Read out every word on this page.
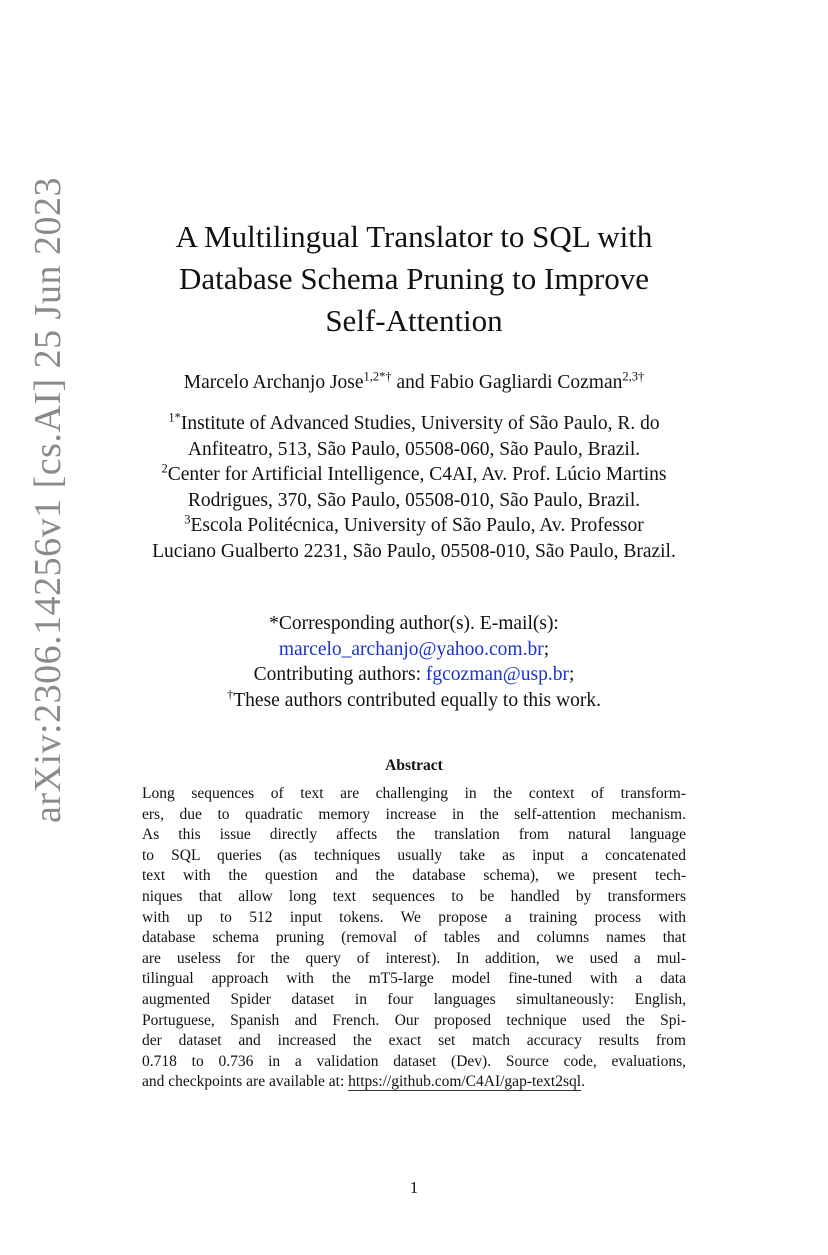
arXiv:2306.14256v1 [cs.AI] 25 Jun 2023	A Multilingual Translator to SQL with
Database Schema Pruning to Improve
Self-Attention
Marcelo Archanjo Jose$^{1,2*\dagger}$ and Fabio Gagliardi Cozman$^{2,3\dagger}$
$^{1*}$Institute of Advanced Studies, University of São Paulo, R. do
Anfiteatro, 513, São Paulo, 05508-060, São Paulo, Brazil.
$^2$Center for Artificial Intelligence, C4AI, Av. Prof. Lúcio Martins
Rodrigues, 370, São Paulo, 05508-010, São Paulo, Brazil.
$^3$Escola Politécnica, University of São Paulo, Av. Professor
Luciano Gualberto 2231, São Paulo, 05508-010, São Paulo, Brazil.
*Corresponding author(s). E-mail(s):
marcelo_archanjo@yahoo.com.br;
Contributing authors: fgcozman@usp.br;
†These authors contributed equally to this work.
Abstract
Long sequences of text are challenging in the context of transform-
ers, due to quadratic memory increase in the self-attention mechanism.
As this issue directly affects the translation from natural language
to SQL queries (as techniques usually take as input a concatenated
text with the question and the database schema), we present tech-
niques that allow long text sequences to be handled by transformers
with up to 512 input tokens. We propose a training process with
database schema pruning (removal of tables and columns names that
are useless for the query of interest). In addition, we used a mul-
tilingual approach with the mT5-large model fine-tuned with a data
augmented Spider dataset in four languages simultaneously: English,
Portuguese, Spanish and French. Our proposed technique used the Spi-
der dataset and increased the exact set match accuracy results from
0.718 to 0.736 in a validation dataset (Dev). Source code, evaluations,
and checkpoints are available at: https://github.com/C4AI/gap-text2sql.
1
